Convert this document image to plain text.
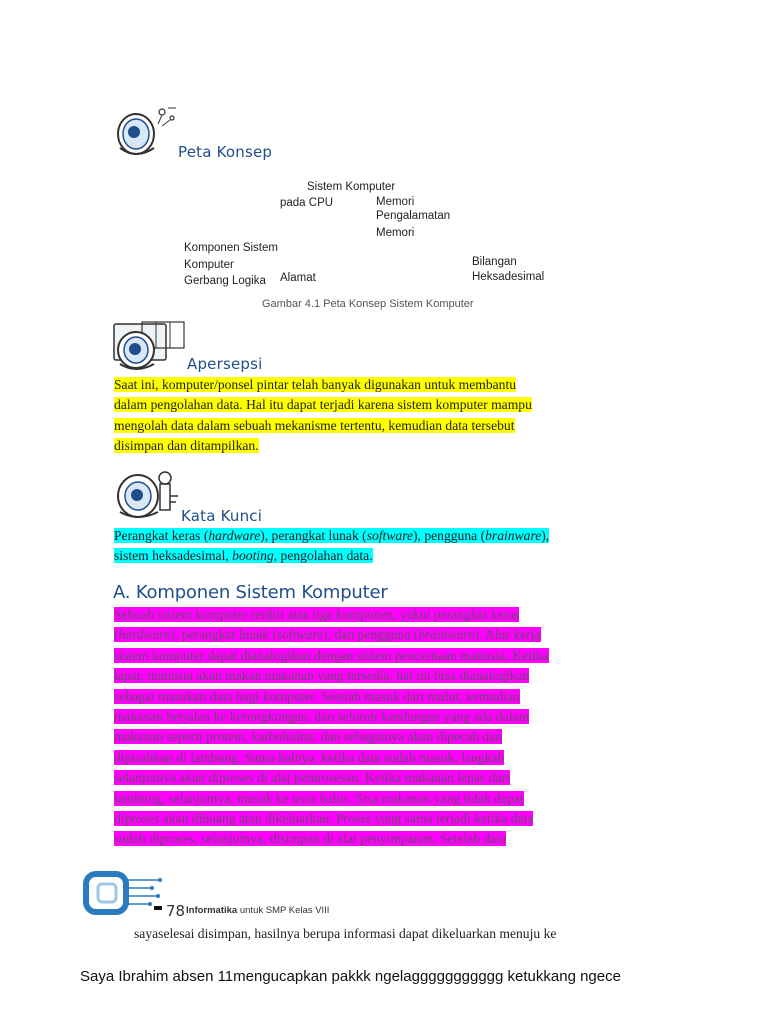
Peta Konsep
Sistem Komputer
pada CPU	Memori
Pengalamatan
Memori
Komponen Sistem
Komputer
Gerbang Logika Alamat
Bilangan
Heksadesimal
Gambar 4.1 Peta Konsep Sistem Komputer
Apersepsi
Saat ini, komputer/ponsel pintar telah banyak digunakan untuk membantu
dalam pengolahan data. Hal itu dapat terjadi karena sistem komputer mampu
mengolah data dalam sebuah mekanisme tertentu, kemudian data tersebut
disimpan dan ditampilkan.
Kata Kunci
Perangkat keras (hardware), perangkat lunak (software), pengguna (brainware),
sistem heksadesimal, booting, pengolahan data.
A. Komponen Sistem Komputer
Sebuah sistem komputer terdiri atas tiga komponen, yakni perangkat keras
(hardware), perangkat lunak (software), dan pengguna (brainware). Alur kerja
sistem komputer dapat dianalogikan dengan sistem pencernaan manusia. Ketika
lapar, manusia akan makan makanan yang tersedia, hal ini bisa dianalogikan
sebagai masukan data bagi komputer. Setelah masuk dari mulut, kemudian
makanan berjalan ke kerongkongan, dan seluruh kandungan yang ada dalam
makanan seperti protein, karbohidrat, dan sebagainya akan dipecah dan
dipisahkan di lambung. Sama halnya, ketika data sudah masuk, langkah
selanjutnya akan diproses di alat pemrosesan. Ketika makanan lepas dari
lambung, selanjutnya, masuk ke usus halus. Sisa makanan yang tidak dapat
diproses akan dibuang atau dikeluarkan. Proses yang sama terjadi ketika data
sudah diproses, selanjutnya, disimpan di alat penyimpanan. Setelah data
78 Informatika untuk SMP Kelas VIII
sayaselesai disimpan, hasilnya berupa informasi dapat dikeluarkan menuju ke
Saya Ibrahim absen 11mengucapkan pakkk ngelaggggggggggg ketukkang ngece
